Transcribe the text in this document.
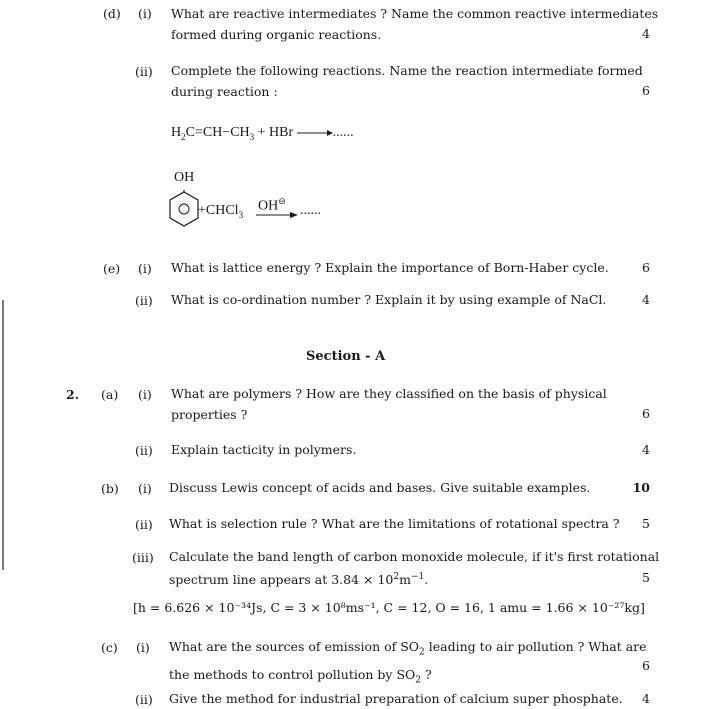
(d) (i) What are reactive intermediates ? Name the common reactive intermediates
formed during organic reactions.	4
(ii) Complete the following reactions. Name the reaction intermediate formed
during reaction :	6
$H_2C=CH-CH_3$ + HBr →......
OH
+CHCl$_3$
OH⊖
......
(e) (i) What is lattice energy ? Explain the importance of Born-Haber cycle.	6
(ii) What is co-ordination number ? Explain it by using example of NaCl.	4
Section - A
2. (a) (i) What are polymers ? How are they classified on the basis of physical
properties ?	6
(ii) Explain tacticity in polymers.	4
(b) (i) Discuss Lewis concept of acids and bases. Give suitable examples.	10
(ii) What is selection rule ? What are the limitations of rotational spectra ?	5
(iii) Calculate the band length of carbon monoxide molecule, if it's first rotational
spectrum line appears at $3.84 \times 10^2m^{-1}$.	5
[h = 6.626 × 10⁻³⁴Js, C = 3 × 10⁸ms⁻¹, C = 12, O = 16, 1 amu = 1.66 × 10⁻²⁷kg]
(c) (i) What are the sources of emission of $SO_2$ leading to air pollution ? What are
the methods to control pollution by $SO_2$ ?
6
(ii) Give the method for industrial preparation of calcium super phosphate.	4
